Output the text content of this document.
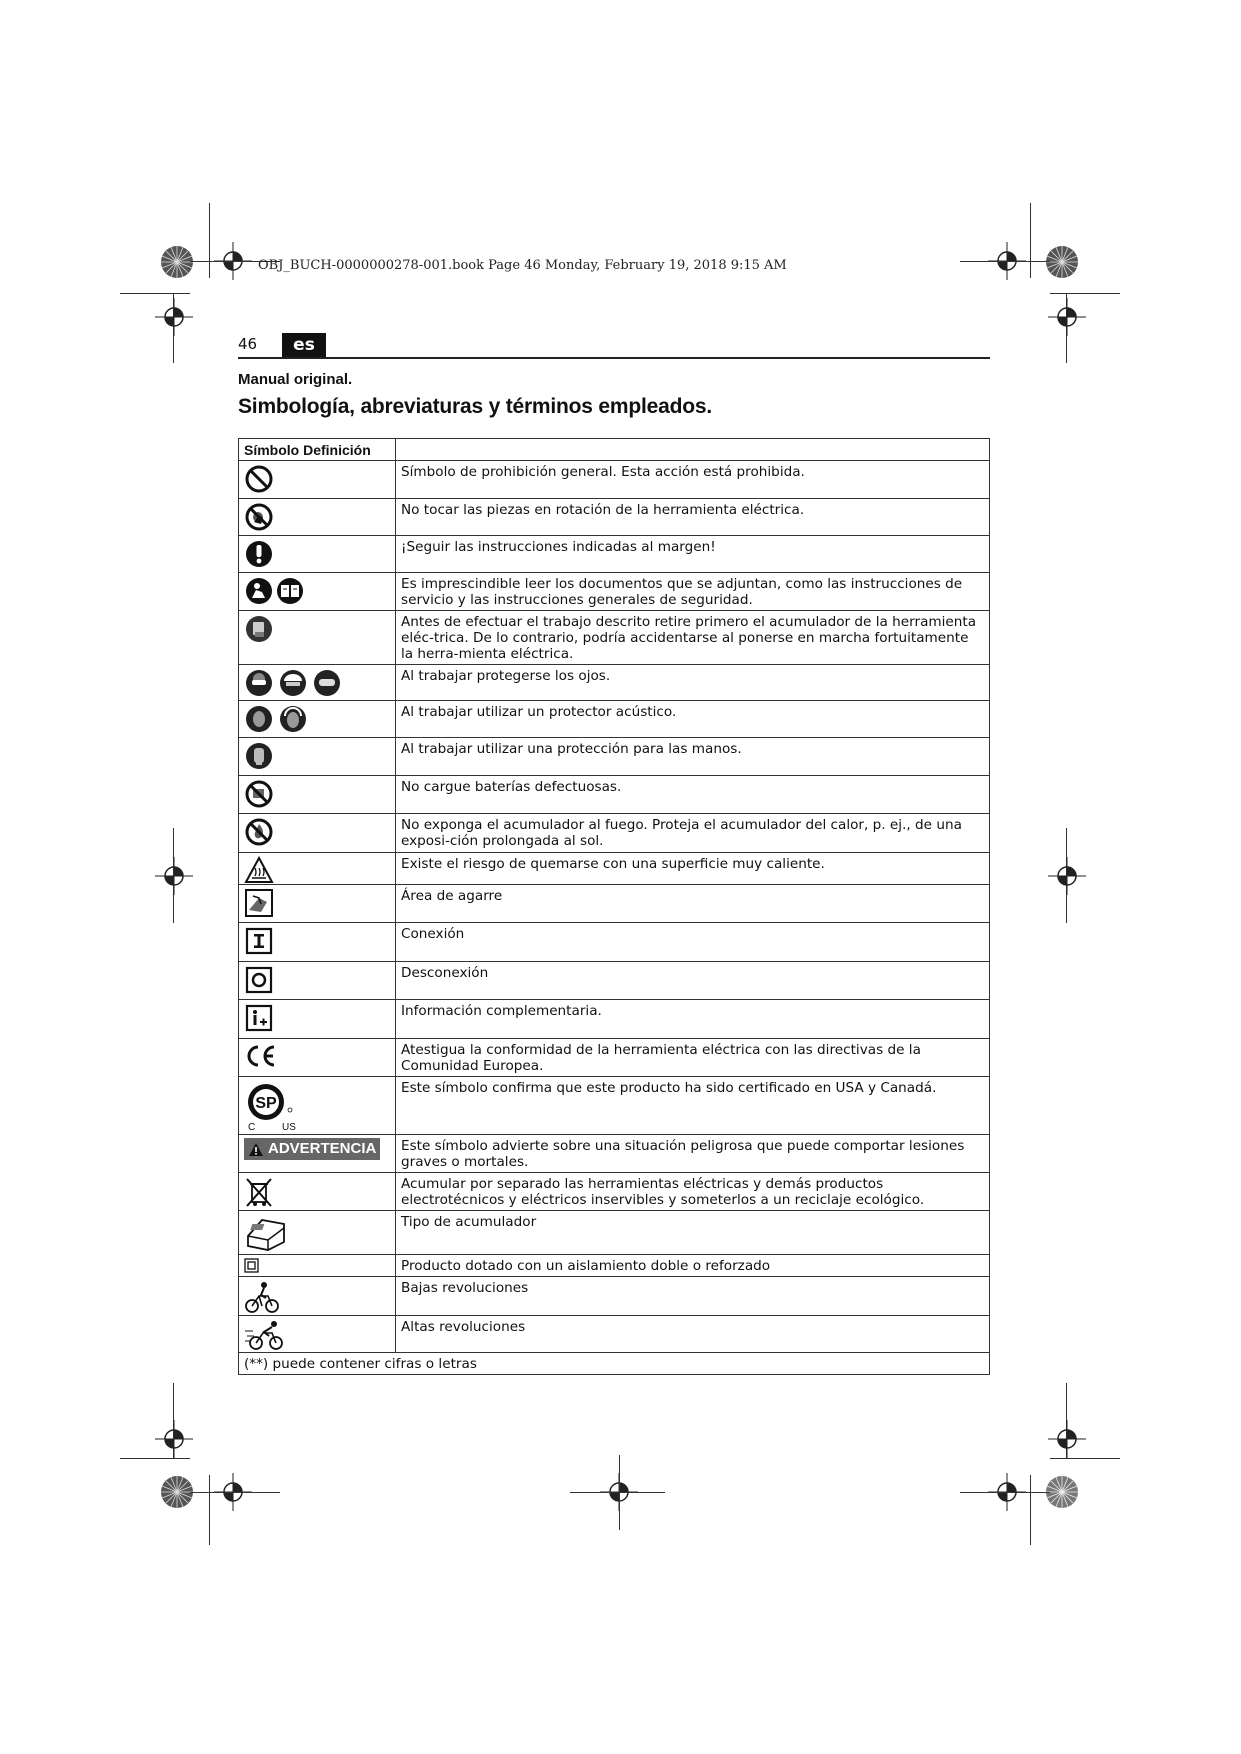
OBJ_BUCH-0000000278-001.book Page 46 Monday, February 19, 2018 9:15 AM
46	es
Manual original.
Simbología, abreviaturas y términos empleados.
Símbolo Definición	

	Símbolo de prohibición general. Esta acción está prohibida.

	No tocar las piezas en rotación de la herramienta eléctrica.

	¡Seguir las instrucciones indicadas al margen!

	Es imprescindible leer los documentos que se adjuntan, como las instrucciones de servicio y las instrucciones generales de seguridad.

	Antes de efectuar el trabajo descrito retire primero el acumulador de la herramienta eléc-trica. De lo contrario, podría accidentarse al ponerse en marcha fortuitamente la herra-mienta eléctrica.

	Al trabajar protegerse los ojos.

	Al trabajar utilizar un protector acústico.

	Al trabajar utilizar una protección para las manos.

	No cargue baterías defectuosas.

	No exponga el acumulador al fuego. Proteja el acumulador del calor, p. ej., de una exposi-ción prolongada al sol.

	Existe el riesgo de quemarse con una superficie muy caliente.

	Área de agarre

	Conexión

	Desconexión

	Información complementaria.

	Atestigua la conformidad de la herramienta eléctrica con las directivas de la Comunidad Europea.

SP
C US	Este símbolo confirma que este producto ha sido certificado en USA y Canadá.

ADVERTENCIA	Este símbolo advierte sobre una situación peligrosa que puede comportar lesiones graves o mortales.

	Acumular por separado las herramientas eléctricas y demás productos electrotécnicos y eléctricos inservibles y someterlos a un reciclaje ecológico.

	Tipo de acumulador

	Producto dotado con un aislamiento doble o reforzado

	Bajas revoluciones

	Altas revoluciones
(**) puede contener cifras o letras	
